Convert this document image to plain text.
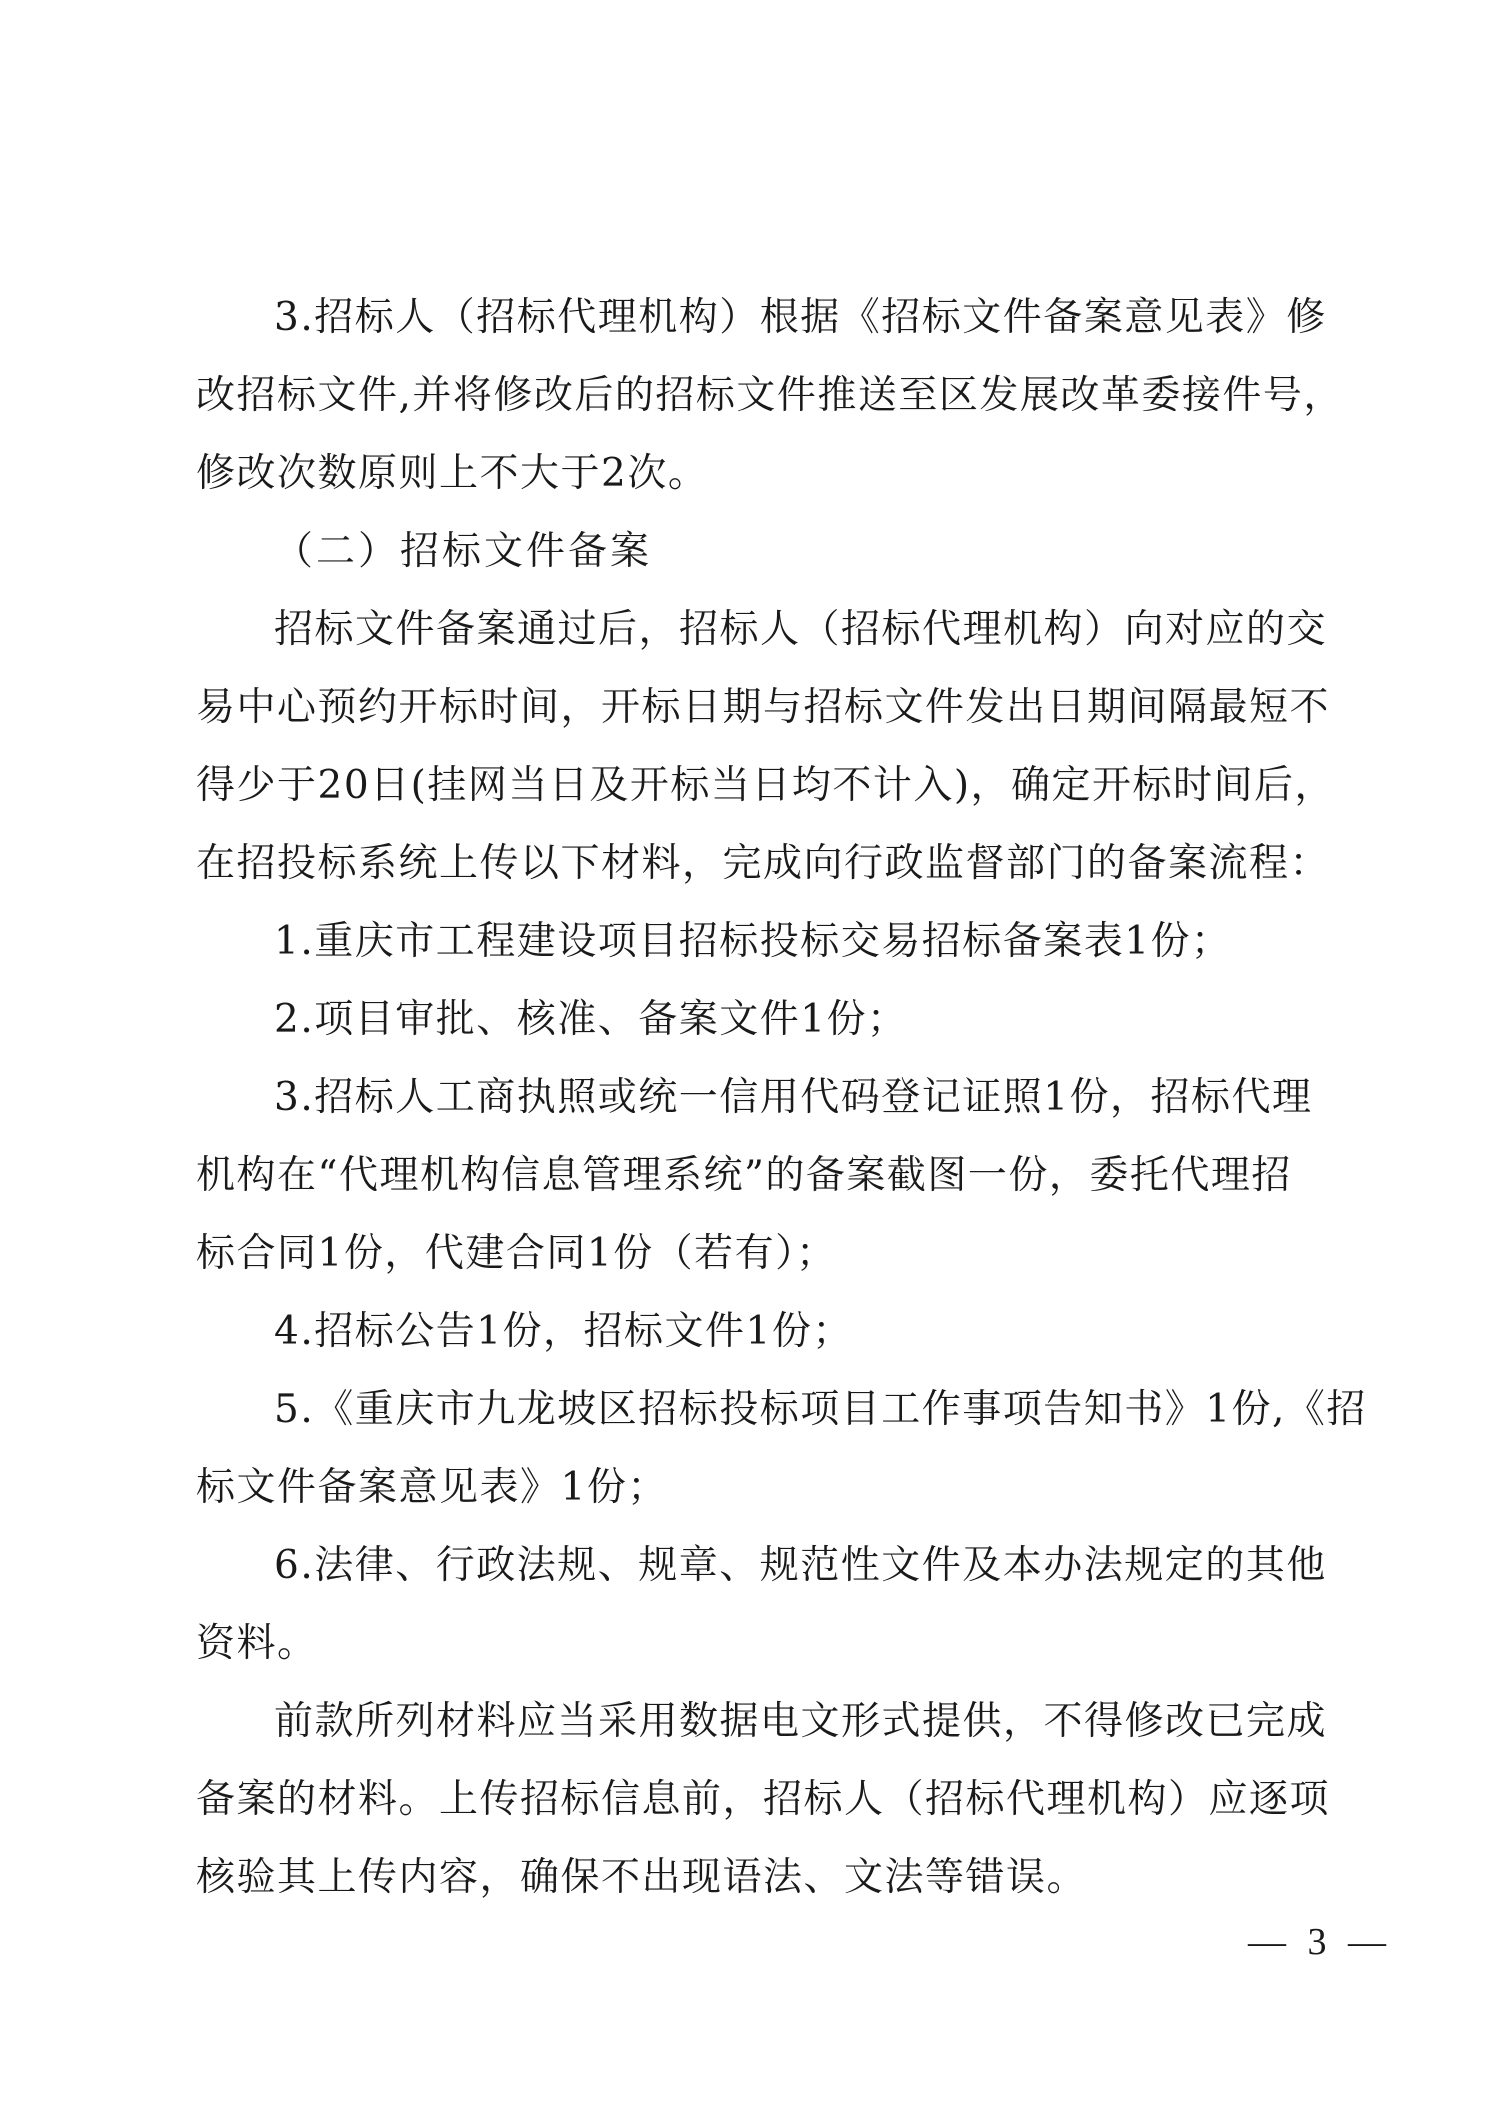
3.招标人（招标代理机构）根据《招标文件备案意见表》修
改招标文件,并将修改后的招标文件推送至区发展改革委接件号，
修改次数原则上不大于2次。
（二）招标文件备案
招标文件备案通过后，招标人（招标代理机构）向对应的交
易中心预约开标时间，开标日期与招标文件发出日期间隔最短不
得少于20日(挂网当日及开标当日均不计入)，确定开标时间后，
在招投标系统上传以下材料，完成向行政监督部门的备案流程：
1.重庆市工程建设项目招标投标交易招标备案表1份；
2.项目审批、核准、备案文件1份；
3.招标人工商执照或统一信用代码登记证照1份，招标代理
机构在“代理机构信息管理系统”的备案截图一份，委托代理招
标合同1份，代建合同1份（若有）；
4.招标公告1份，招标文件1份；
5.《重庆市九龙坡区招标投标项目工作事项告知书》1份,《招
标文件备案意见表》1份；
6.法律、行政法规、规章、规范性文件及本办法规定的其他
资料。
前款所列材料应当采用数据电文形式提供，不得修改已完成
备案的材料。上传招标信息前，招标人（招标代理机构）应逐项
核验其上传内容，确保不出现语法、文法等错误。
— 3 —
